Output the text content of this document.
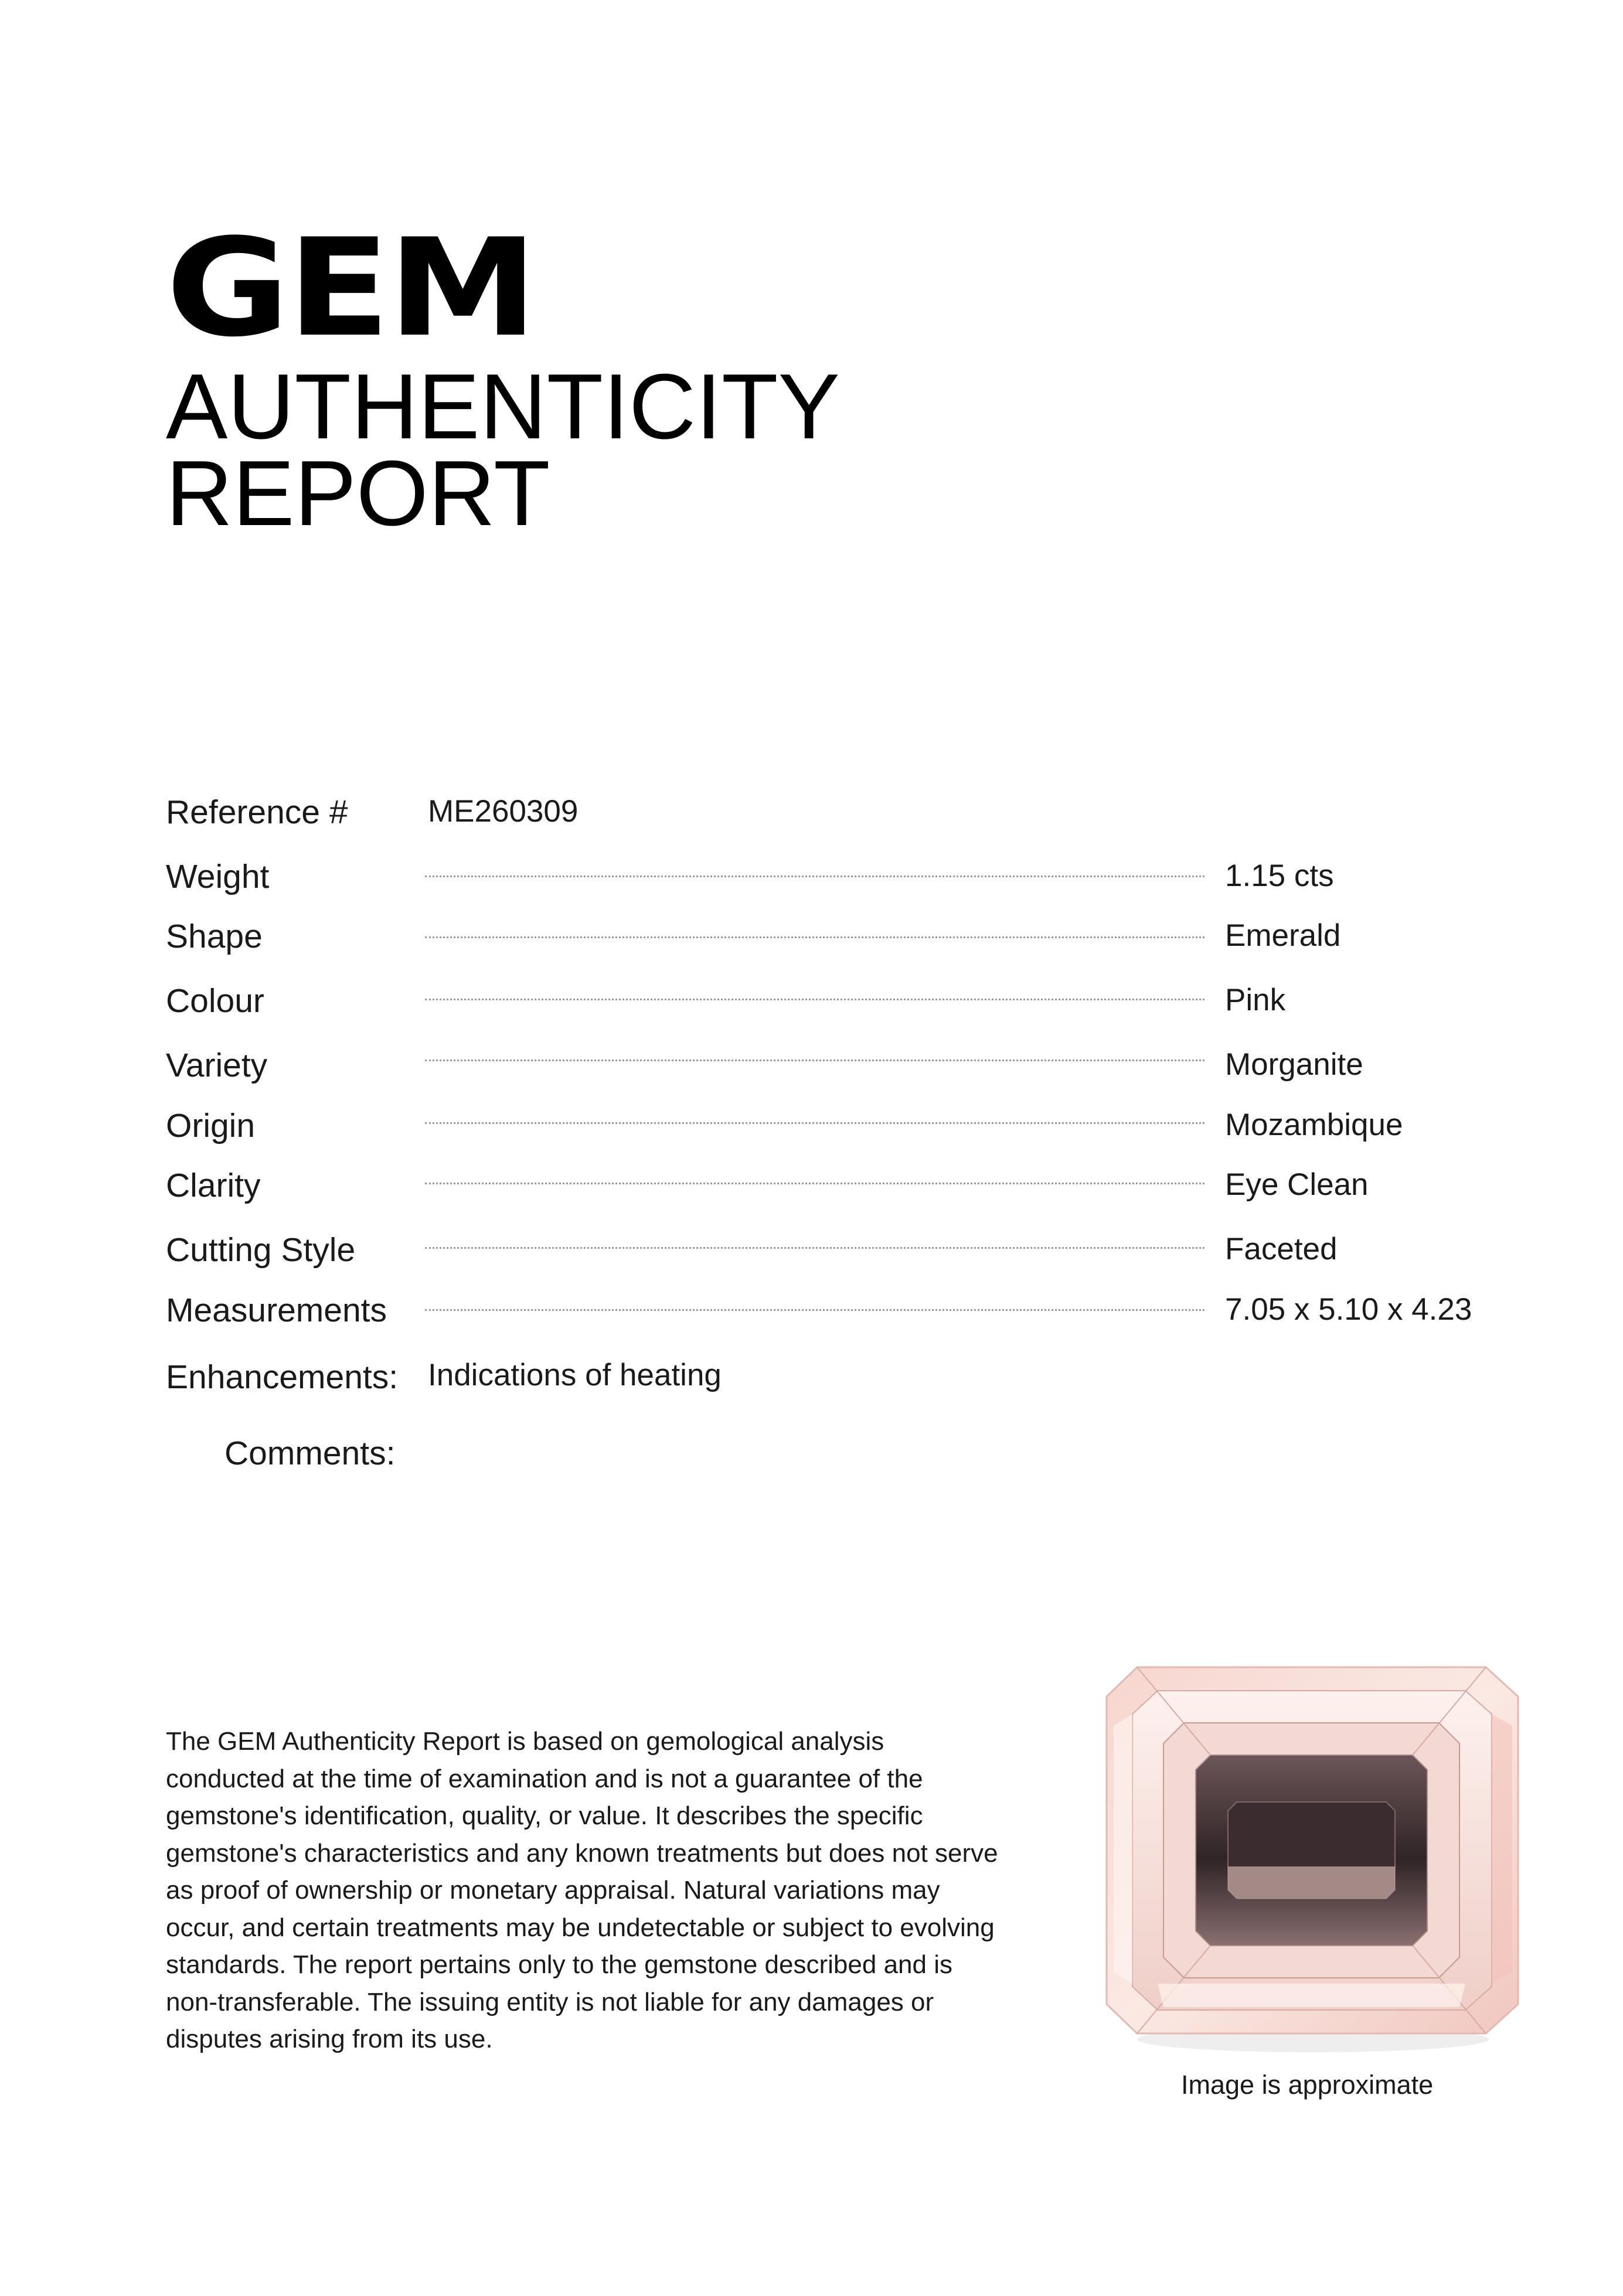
GEM
AUTHENTICITY
REPORT
Reference #	ME260309
Weight	1.15 cts
Shape	Emerald
Colour	Pink
Variety	Morganite
Origin	Mozambique
Clarity	Eye Clean
Cutting Style	Faceted
Measurements	7.05 x 5.10 x 4.23
Enhancements: Indications of heating
Comments:

The GEM Authenticity Report is based on gemological analysis conducted at the time of examination and is not a guarantee of the gemstone's identification, quality, or value. It describes the specific gemstone's characteristics and any known treatments but does not serve as proof of ownership or monetary appraisal. Natural variations may occur, and certain treatments may be undetectable or subject to evolving standards. The report pertains only to the gemstone described and is non-transferable. The issuing entity is not liable for any damages or disputes arising from its use.

Image is approximate
